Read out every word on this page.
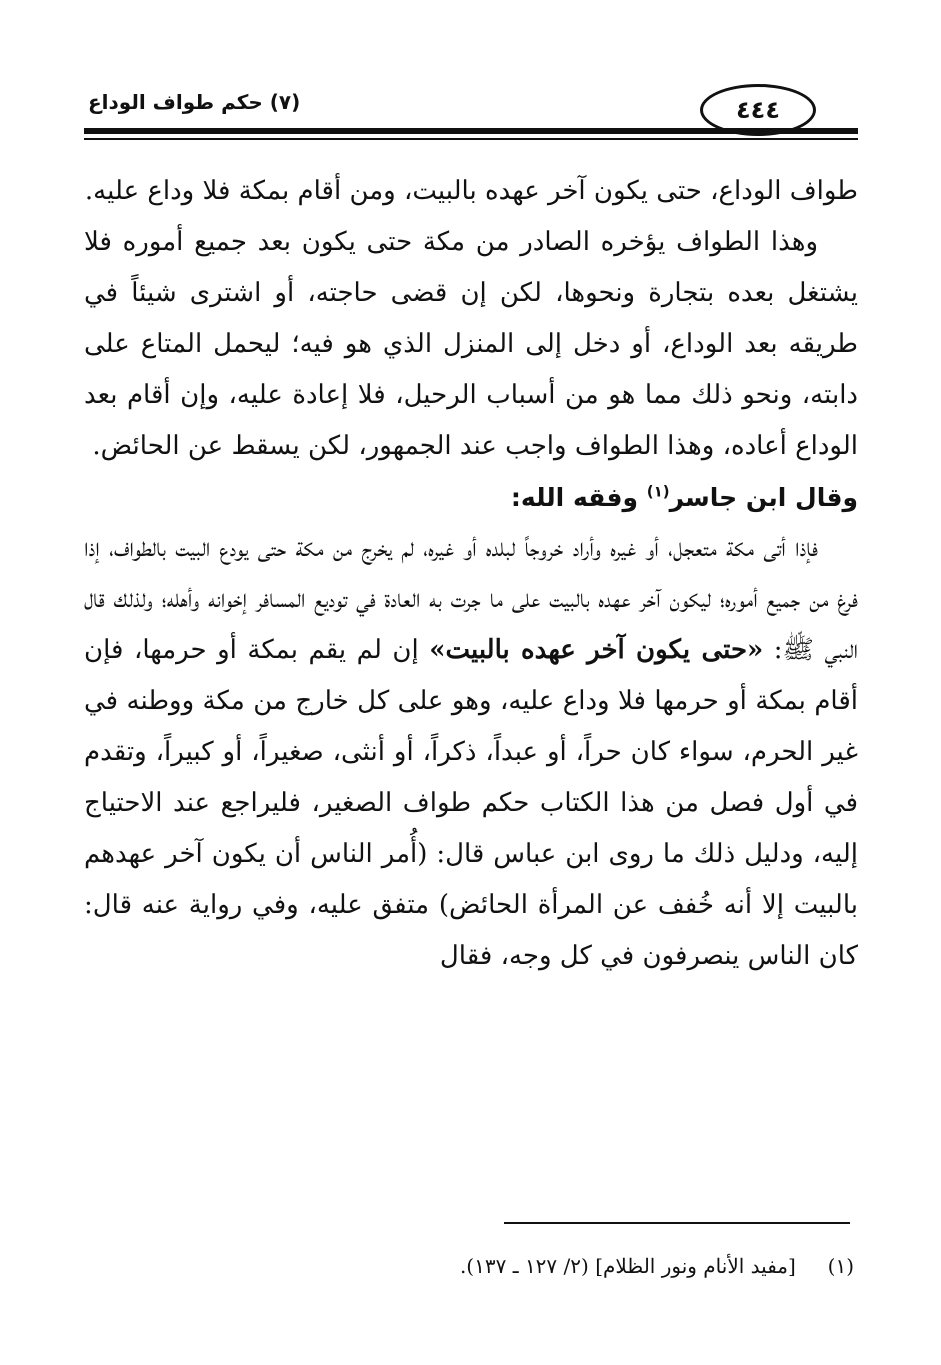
٤٤٤
(٧) حكم طواف الوداع

طواف الوداع، حتى يكون آخر عهده بالبيت، ومن أقام بمكة فلا وداع عليه.

وهذا الطواف يؤخره الصادر من مكة حتى يكون بعد جميع أموره فلا يشتغل بعده بتجارة ونحوها، لكن إن قضى حاجته، أو اشترى شيئاً في طريقه بعد الوداع، أو دخل إلى المنزل الذي هو فيه؛ ليحمل المتاع على دابته، ونحو ذلك مما هو من أسباب الرحيل، فلا إعادة عليه، وإن أقام بعد الوداع أعاده، وهذا الطواف واجب عند الجمهور، لكن يسقط عن الحائض.

وقال ابن جاسر$^{(١)}$ وفقه الله:

فإذا أتى مكة متعجل، أو غيره وأراد خروجاً لبلده أو غيره، لم يخرج من مكة حتى يودع البيت بالطواف، إذا فرغ من جميع أموره؛ ليكون آخر عهده بالبيت على ما جرت به العادة في توديع المسافر إخوانه وأهله؛ ولذلك قال النبي ﷺ: «حتى يكون آخر عهده بالبيت» إن لم يقم بمكة أو حرمها، فإن أقام بمكة أو حرمها فلا وداع عليه، وهو على كل خارج من مكة ووطنه في غير الحرم، سواء كان حراً، أو عبداً، ذكراً، أو أنثى، صغيراً، أو كبيراً، وتقدم في أول فصل من هذا الكتاب حكم طواف الصغير، فليراجع عند الاحتياج إليه، ودليل ذلك ما روى ابن عباس قال: (أُمر الناس أن يكون آخر عهدهم بالبيت إلا أنه خُفف عن المرأة الحائض) متفق عليه، وفي رواية عنه قال: كان الناس ينصرفون في كل وجه، فقال

(١)     [مفيد الأنام ونور الظلام] (٢/ ١٢٧ ـ ١٣٧).
